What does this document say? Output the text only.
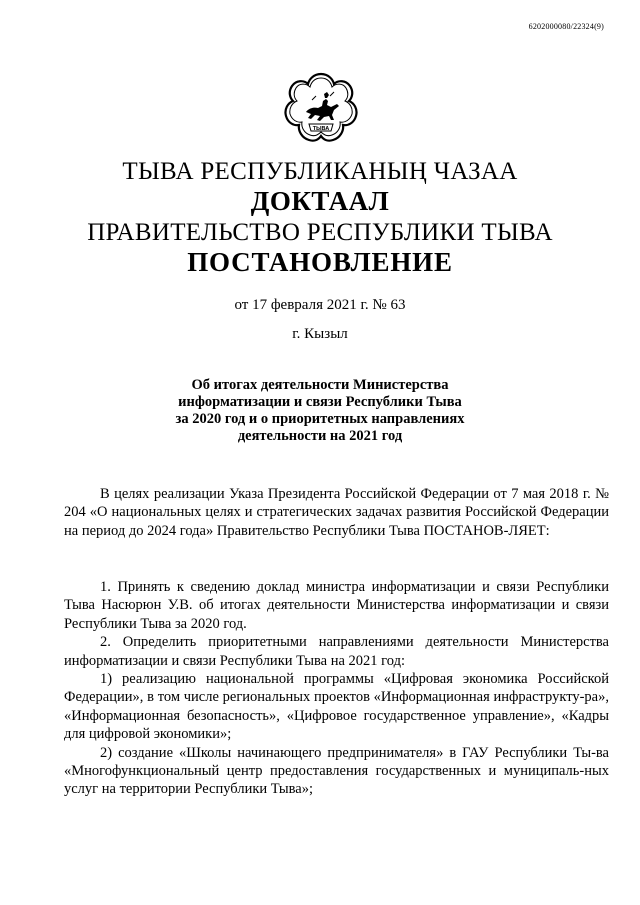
6202000080/22324(9)
ТЫВА
ТЫВА РЕСПУБЛИКАНЫҢ ЧАЗАА
ДОКТААЛ
ПРАВИТЕЛЬСТВО РЕСПУБЛИКИ ТЫВА
ПОСТАНОВЛЕНИЕ
от 17 февраля 2021 г. № 63
г. Кызыл
Об итогах деятельности Министерства
информатизации и связи Республики Тыва
за 2020 год и о приоритетных направлениях
деятельности на 2021 год

В целях реализации Указа Президента Российской Федерации от 7 мая 2018 г. № 204 «О национальных целях и стратегических задачах развития Российской Федерации на период до 2024 года» Правительство Республики Тыва ПОСТАНОВ-ЛЯЕТ:

1. Принять к сведению доклад министра информатизации и связи Республики Тыва Насюрюн У.В. об итогах деятельности Министерства информатизации и связи Республики Тыва за 2020 год.

2. Определить приоритетными направлениями деятельности Министерства информатизации и связи Республики Тыва на 2021 год:

1) реализацию национальной программы «Цифровая экономика Российской Федерации», в том числе региональных проектов «Информационная инфраструкту-ра», «Информационная безопасность», «Цифровое государственное управление», «Кадры для цифровой экономики»;

2) создание «Школы начинающего предпринимателя» в ГАУ Республики Ты-ва «Многофункциональный центр предоставления государственных и муниципаль-ных услуг на территории Республики Тыва»;
